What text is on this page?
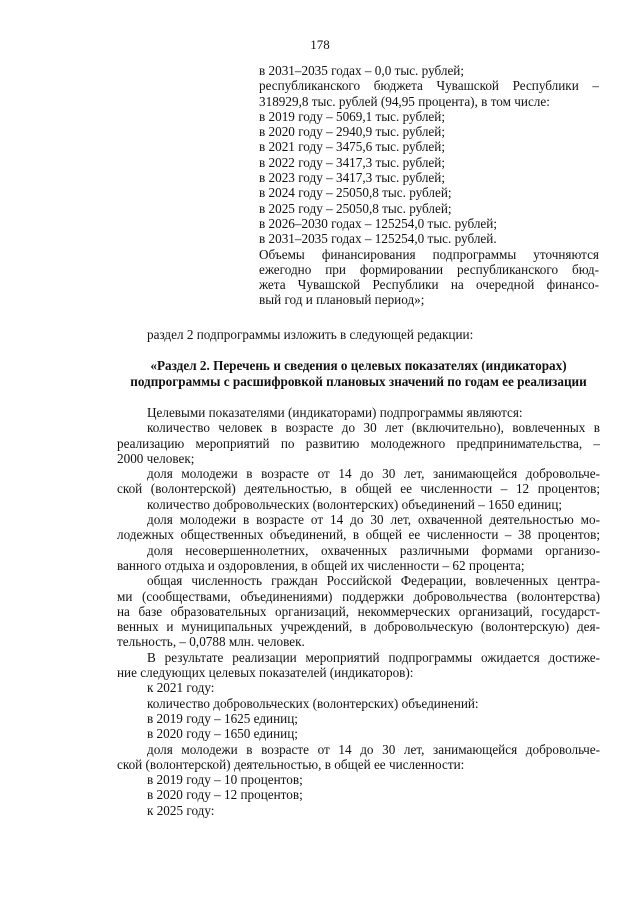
178
в 2031–2035 годах – 0,0 тыс. рублей;
республиканского бюджета Чувашской Республики –
318929,8 тыс. рублей (94,95 процента), в том числе:
в 2019 году – 5069,1 тыс. рублей;
в 2020 году – 2940,9 тыс. рублей;
в 2021 году – 3475,6 тыс. рублей;
в 2022 году – 3417,3 тыс. рублей;
в 2023 году – 3417,3 тыс. рублей;
в 2024 году – 25050,8 тыс. рублей;
в 2025 году – 25050,8 тыс. рублей;
в 2026–2030 годах – 125254,0 тыс. рублей;
в 2031–2035 годах – 125254,0 тыс. рублей.
Объемы финансирования подпрограммы уточняются
ежегодно при формировании республиканского бюд-
жета Чувашской Республики на очередной финансо-
вый год и плановый период»;
раздел 2 подпрограммы изложить в следующей редакции:
«Раздел 2. Перечень и сведения о целевых показателях (индикаторах)
подпрограммы с расшифровкой плановых значений по годам ее реализации
Целевыми показателями (индикаторами) подпрограммы являются:
количество человек в возрасте до 30 лет (включительно), вовлеченных в
реализацию мероприятий по развитию молодежного предпринимательства, –
2000 человек;
доля молодежи в возрасте от 14 до 30 лет, занимающейся добровольче-
ской (волонтерской) деятельностью, в общей ее численности – 12 процентов;
количество добровольческих (волонтерских) объединений – 1650 единиц;
доля молодежи в возрасте от 14 до 30 лет, охваченной деятельностью мо-
лодежных общественных объединений, в общей ее численности – 38 процентов;
доля несовершеннолетних, охваченных различными формами организо-
ванного отдыха и оздоровления, в общей их численности – 62 процента;
общая численность граждан Российской Федерации, вовлеченных центра-
ми (сообществами, объединениями) поддержки добровольчества (волонтерства)
на базе образовательных организаций, некоммерческих организаций, государст-
венных и муниципальных учреждений, в добровольческую (волонтерскую) дея-
тельность, – 0,0788 млн. человек.
В результате реализации мероприятий подпрограммы ожидается достиже-
ние следующих целевых показателей (индикаторов):
к 2021 году:
количество добровольческих (волонтерских) объединений:
в 2019 году – 1625 единиц;
в 2020 году – 1650 единиц;
доля молодежи в возрасте от 14 до 30 лет, занимающейся добровольче-
ской (волонтерской) деятельностью, в общей ее численности:
в 2019 году – 10 процентов;
в 2020 году – 12 процентов;
к 2025 году:
